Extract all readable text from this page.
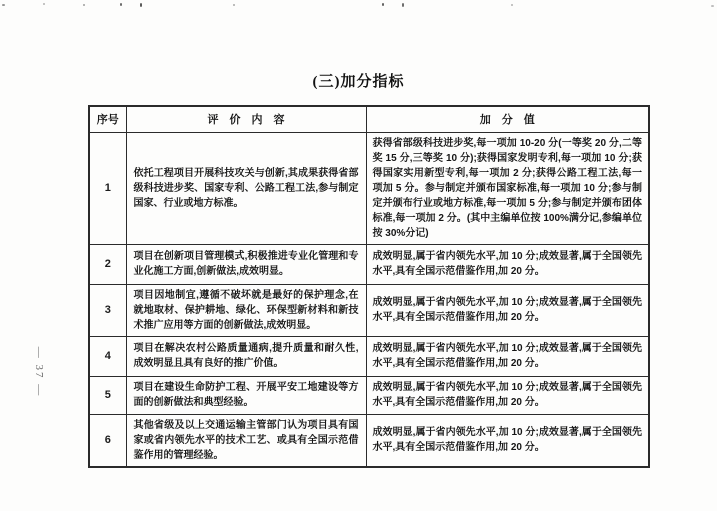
— 37 —
(三)加分指标
序号	评　价　内　容	加　分　值
1	依托工程项目开展科技攻关与创新,其成果获得省部级科技进步奖、国家专利、公路工程工法,参与制定国家、行业或地方标准。	获得省部级科技进步奖,每一项加 10-20 分(一等奖 20 分,二等奖 15 分,三等奖 10 分);获得国家发明专利,每一项加 10 分;获得国家实用新型专利,每一项加 2 分;获得公路工程工法,每一项加 5 分。参与制定并颁布国家标准,每一项加 10 分;参与制定并颁布行业或地方标准,每一项加 5 分;参与制定并颁布团体标准,每一项加 2 分。(其中主编单位按 100%满分记,参编单位按 30%分记)
2	项目在创新项目管理模式,积极推进专业化管理和专业化施工方面,创新做法,成效明显。	成效明显,属于省内领先水平,加 10 分;成效显著,属于全国领先水平,具有全国示范借鉴作用,加 20 分。
3	项目因地制宜,遵循不破坏就是最好的保护理念,在就地取材、保护耕地、绿化、环保型新材料和新技术推广应用等方面的创新做法,成效明显。	成效明显,属于省内领先水平,加 10 分;成效显著,属于全国领先水平,具有全国示范借鉴作用,加 20 分。
4	项目在解决农村公路质量通病,提升质量和耐久性,成效明显且具有良好的推广价值。	成效明显,属于省内领先水平,加 10 分;成效显著,属于全国领先水平,具有全国示范借鉴作用,加 20 分。
5	项目在建设生命防护工程、开展平安工地建设等方面的创新做法和典型经验。	成效明显,属于省内领先水平,加 10 分;成效显著,属于全国领先水平,具有全国示范借鉴作用,加 20 分。
6	其他省级及以上交通运输主管部门认为项目具有国家或省内领先水平的技术工艺、或具有全国示范借鉴作用的管理经验。	成效明显,属于省内领先水平,加 10 分;成效显著,属于全国领先水平,具有全国示范借鉴作用,加 20 分。
